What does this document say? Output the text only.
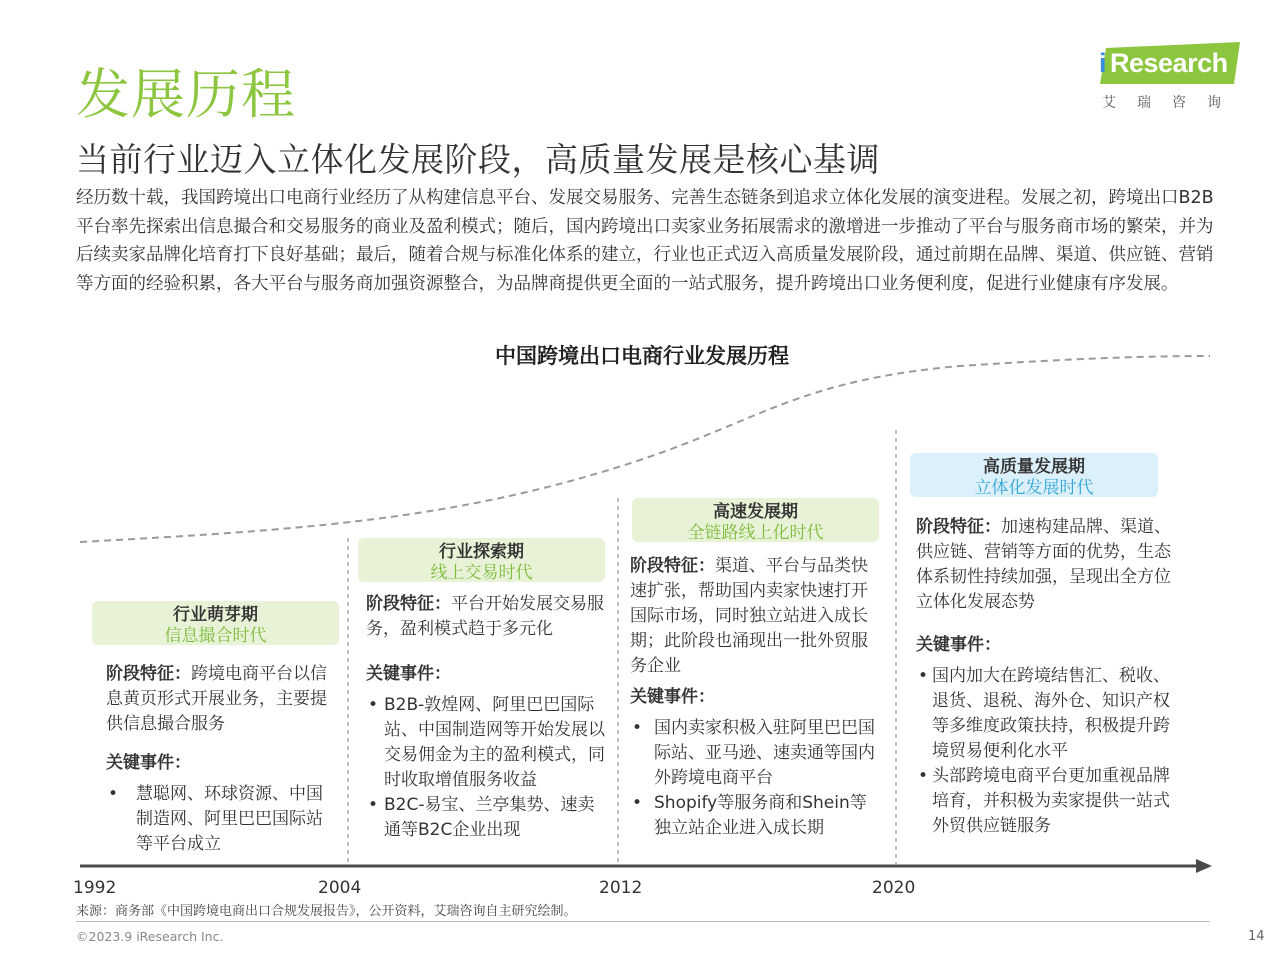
发展历程	i Research
艾瑞咨询
当前行业迈入立体化发展阶段，高质量发展是核心基调
经历数十载，我国跨境出口电商行业经历了从构建信息平台、发展交易服务、完善生态链条到追求立体化发展的演变进程。发展之初，跨境出口B2B平台率先探索出信息撮合和交易服务的商业及盈利模式；随后，国内跨境出口卖家业务拓展需求的激增进一步推动了平台与服务商市场的繁荣，并为后续卖家品牌化培育打下良好基础；最后，随着合规与标准化体系的建立，行业也正式迈入高质量发展阶段，通过前期在品牌、渠道、供应链、营销等方面的经验积累，各大平台与服务商加强资源整合，为品牌商提供更全面的一站式服务，提升跨境出口业务便利度，促进行业健康有序发展。
中国跨境出口电商行业发展历程
行业萌芽期
信息撮合时代
阶段特征：跨境电商平台以信息黄页形式开展业务，主要提供信息撮合服务
关键事件：
• 慧聪网、环球资源、中国制造网、阿里巴巴国际站等平台成立
行业探索期
线上交易时代
阶段特征：平台开始发展交易服务，盈利模式趋于多元化
关键事件：
• B2B-敦煌网、阿里巴巴国际站、中国制造网等开始发展以交易佣金为主的盈利模式，同时收取增值服务收益
• B2C-易宝、兰亭集势、速卖通等B2C企业出现
高速发展期
全链路线上化时代
阶段特征：渠道、平台与品类快速扩张，帮助国内卖家快速打开国际市场，同时独立站进入成长期；此阶段也涌现出一批外贸服务企业
关键事件：
• 国内卖家积极入驻阿里巴巴国际站、亚马逊、速卖通等国内外跨境电商平台
• Shopify等服务商和Shein等独立站企业进入成长期
高质量发展期
立体化发展时代
阶段特征：加速构建品牌、渠道、供应链、营销等方面的优势，生态体系韧性持续加强，呈现出全方位立体化发展态势
关键事件：
• 国内加大在跨境结售汇、税收、退货、退税、海外仓、知识产权等多维度政策扶持，积极提升跨境贸易便利化水平
• 头部跨境电商平台更加重视品牌培育，并积极为卖家提供一站式外贸供应链服务
1992	2004	2012	2020
来源：商务部《中国跨境电商出口合规发展报告》，公开资料，艾瑞咨询自主研究绘制。
©2023.9 iResearch Inc.	14
